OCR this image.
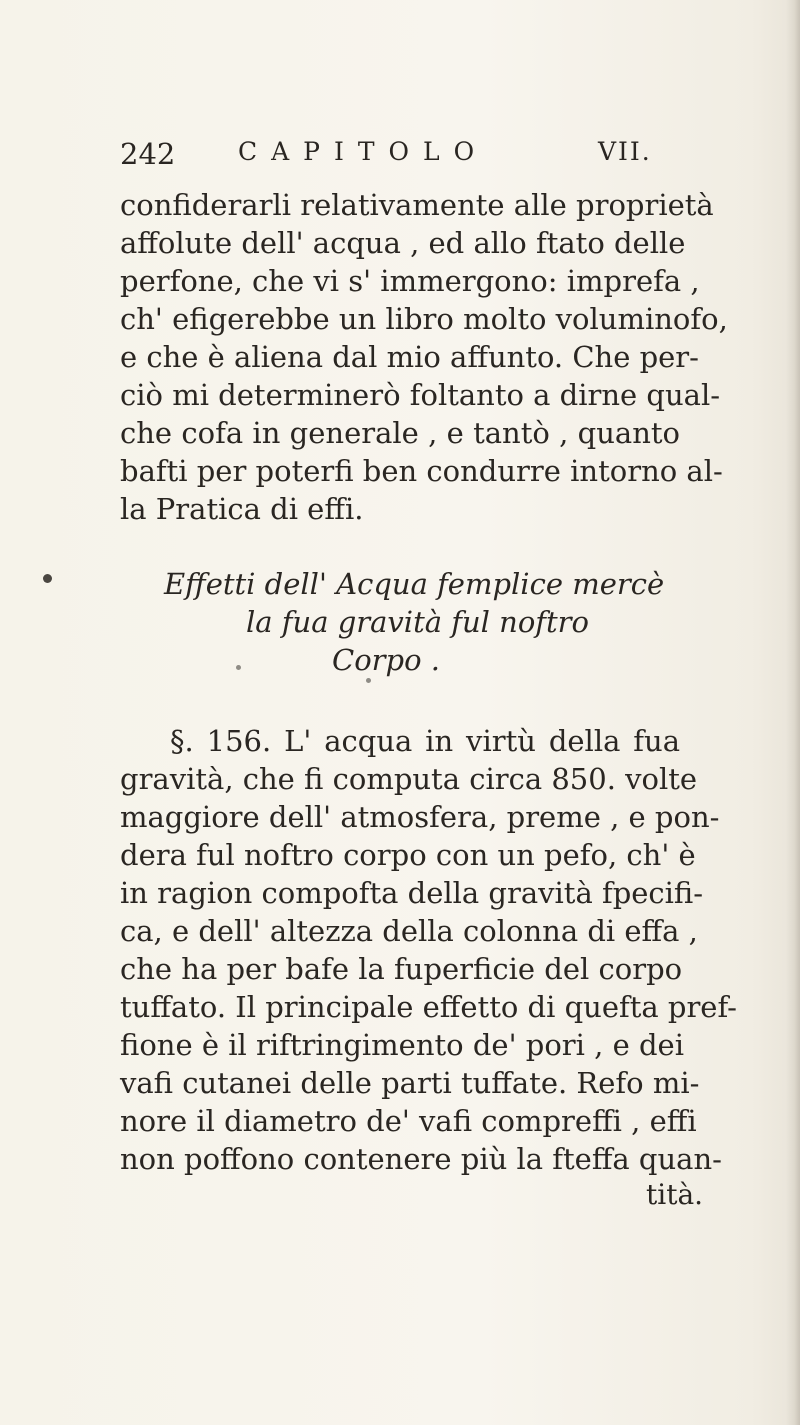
242	CAPITOLO	VII.
confiderarli relativamente alle proprietà
affolute dell' acqua , ed allo ftato delle
perfone, che vi s' immergono: imprefa ,
ch' efigerebbe un libro molto voluminofo,
e che è aliena dal mio affunto. Che per-
ciò mi determinerò foltanto a dirne qual-
che cofa in generale , e tantò , quanto
bafti per poterfi ben condurre intorno al-
la Pratica di effi.
Effetti dell' Acqua femplice mercè
la fua gravità ful noftro
Corpo .
§. 156. L' acqua in virtù della fua
gravità, che fi computa circa 850. volte
maggiore dell' atmosfera, preme , e pon-
dera ful noftro corpo con un pefo, ch' è
in ragion compofta della gravità fpecifi-
ca, e dell' altezza della colonna di effa ,
che ha per bafe la fuperficie del corpo
tuffato. Il principale effetto di quefta pref-
fione è il riftringimento de' pori , e dei
vafi cutanei delle parti tuffate. Refo mi-
nore il diametro de' vafi compreffi , effi
non poffono contenere più la fteffa quan-
tità.
